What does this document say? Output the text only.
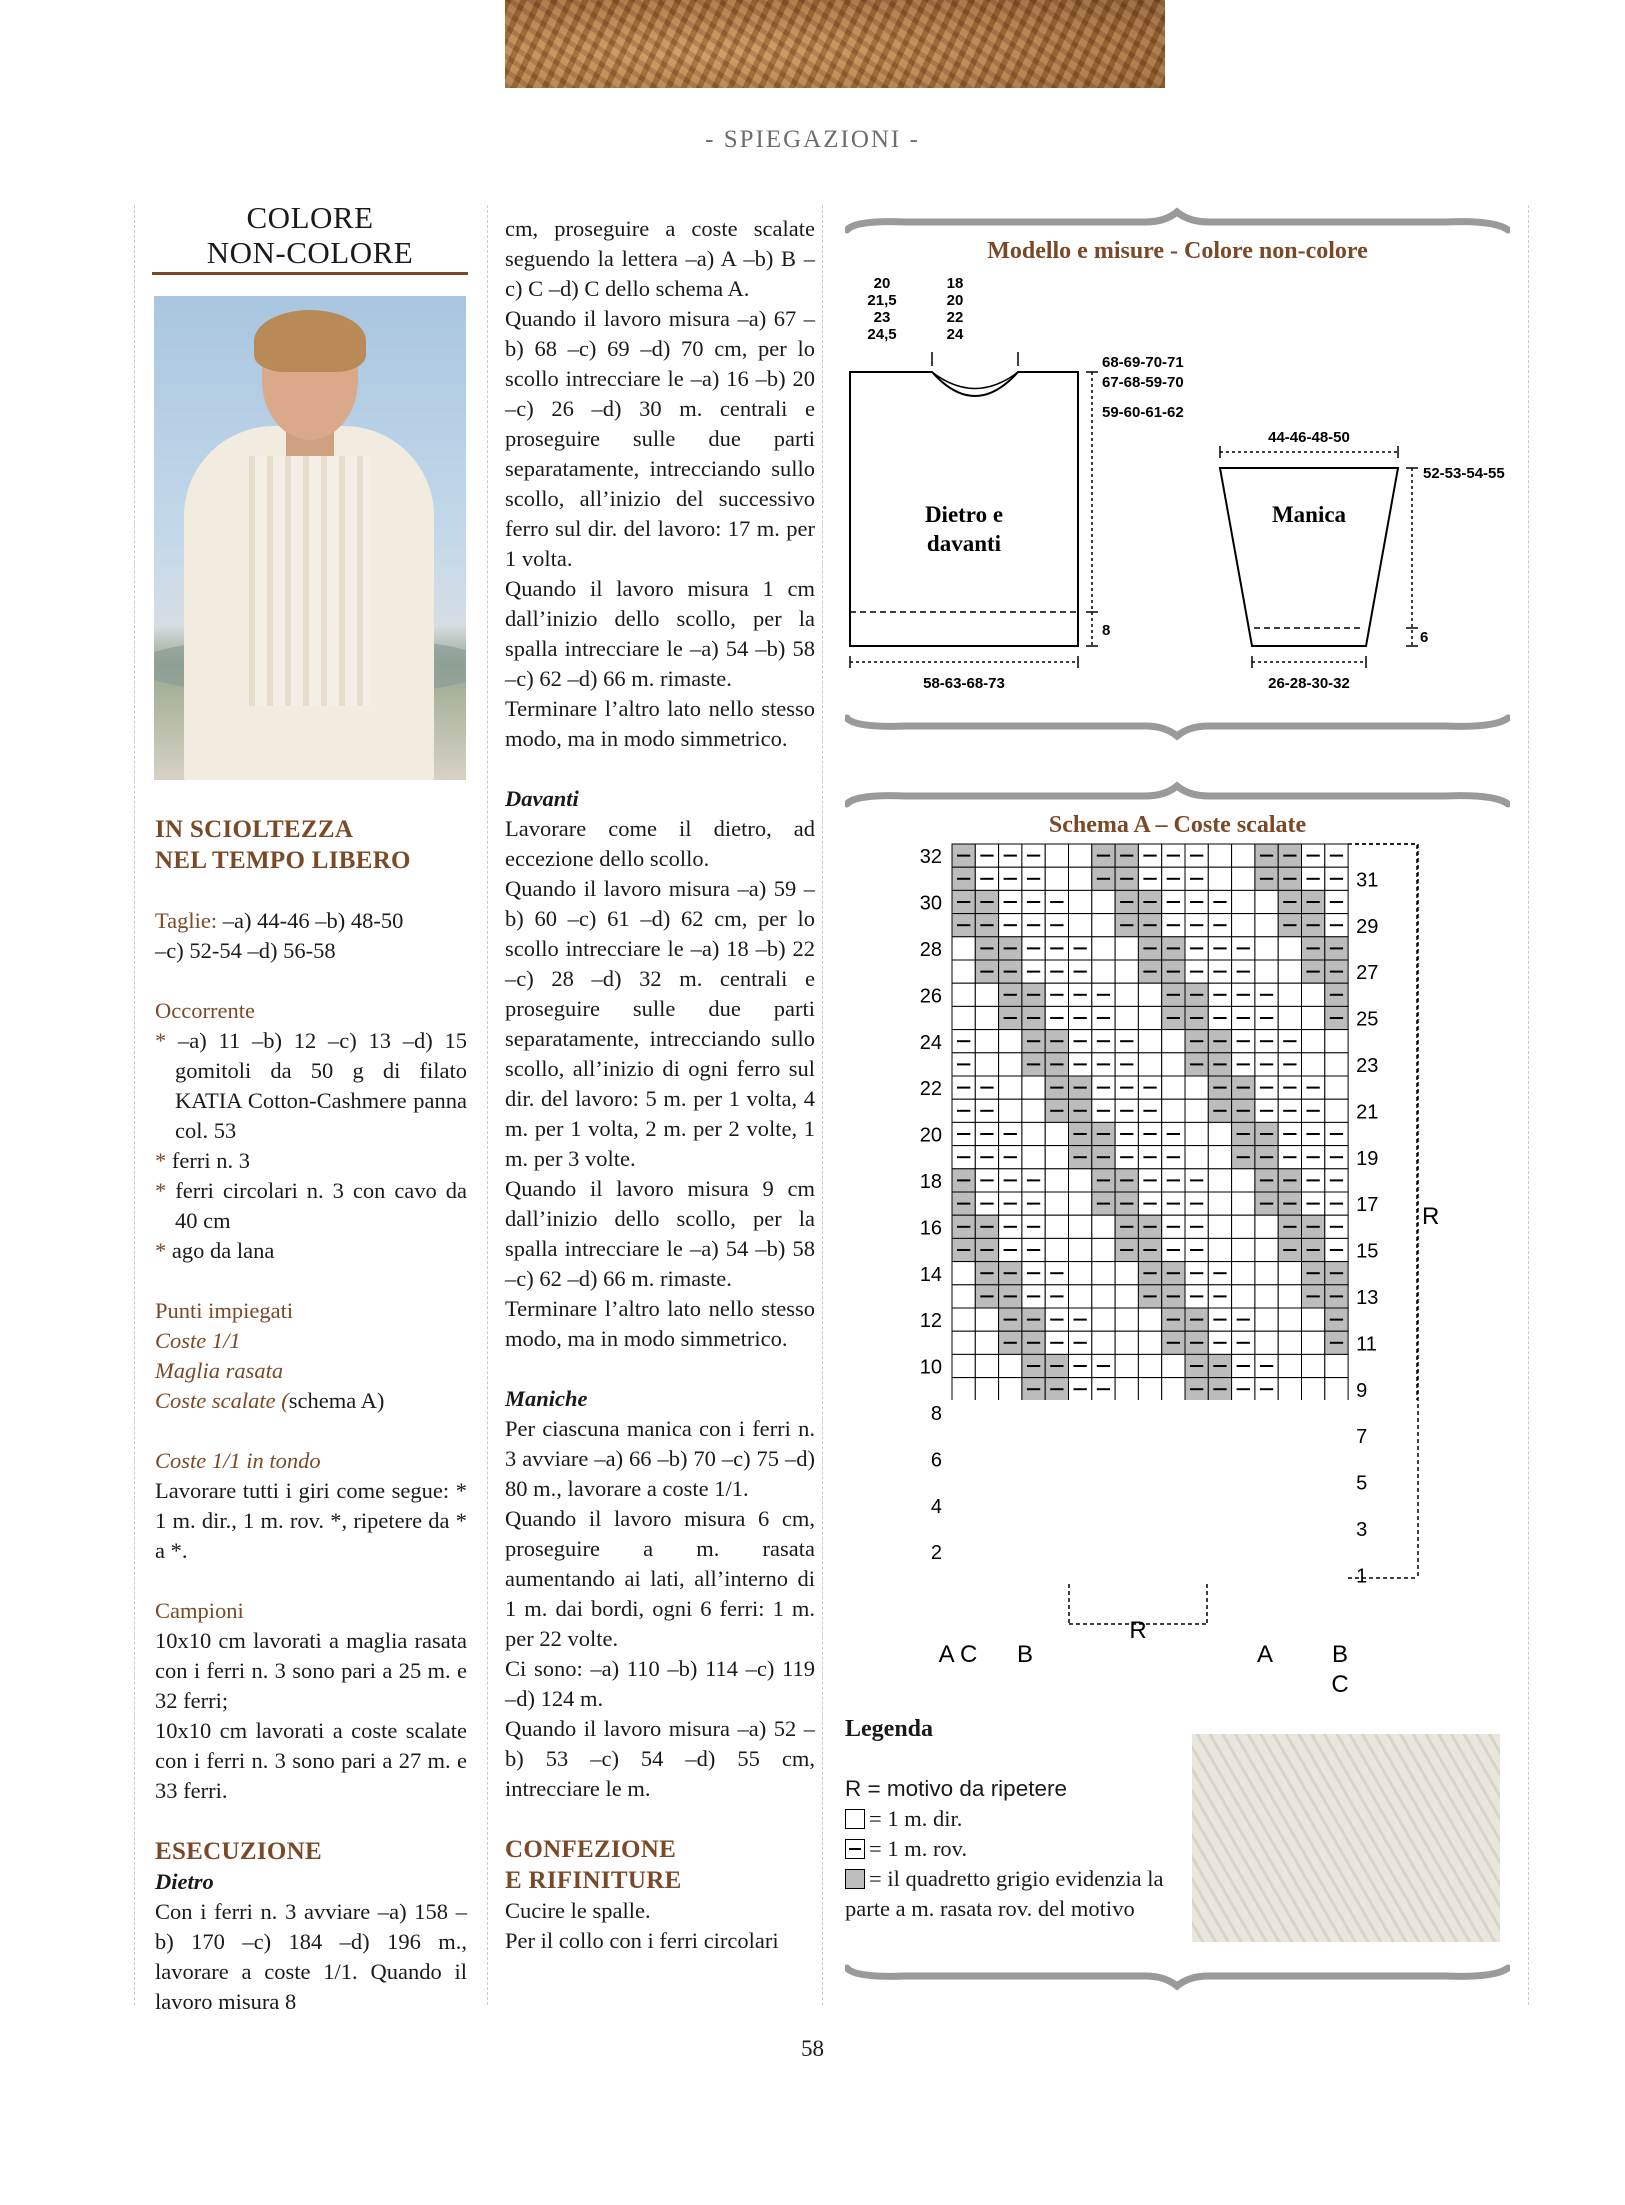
- SPIEGAZIONI -
COLORE
NON-COLORE

IN SCIOLTEZZA

NEL TEMPO LIBERO

Taglie: –a) 44-46 –b) 48-50

–c) 52-54 –d) 56-58

Occorrente

* –a) 11 –b) 12 –c) 13 –d) 15 gomitoli da 50 g di filato KATIA Cotton-Cashmere panna col. 53

* ferri n. 3

* ferri circolari n. 3 con cavo da 40 cm

* ago da lana

Punti impiegati

Coste 1/1

Maglia rasata

Coste scalate (schema A)

Coste 1/1 in tondo

Lavorare tutti i giri come segue: * 1 m. dir., 1 m. rov. *, ripetere da * a *.

Campioni

10x10 cm lavorati a maglia rasata con i ferri n. 3 sono pari a 25 m. e 32 ferri;

10x10 cm lavorati a coste scalate con i ferri n. 3 sono pari a 27 m. e 33 ferri.

ESECUZIONE

Dietro

Con i ferri n. 3 avviare –a) 158 –b) 170 –c) 184 –d) 196 m., lavorare a coste 1/1. Quando il lavoro misura 8

cm, proseguire a coste scalate seguendo la lettera –a) A –b) B –c) C –d) C dello schema A.

Quando il lavoro misura –a) 67 –b) 68 –c) 69 –d) 70 cm, per lo scollo intrecciare le –a) 16 –b) 20 –c) 26 –d) 30 m. centrali e proseguire sulle due parti separatamente, intrecciando sullo scollo, all’inizio del successivo ferro sul dir. del lavoro: 17 m. per 1 volta.

Quando il lavoro misura 1 cm dall’inizio dello scollo, per la spalla intrecciare le –a) 54 –b) 58 –c) 62 –d) 66 m. rimaste.

Terminare l’altro lato nello stesso modo, ma in modo simmetrico.

Davanti

Lavorare come il dietro, ad eccezione dello scollo.

Quando il lavoro misura –a) 59 –b) 60 –c) 61 –d) 62 cm, per lo scollo intrecciare le –a) 18 –b) 22 –c) 28 –d) 32 m. centrali e proseguire sulle due parti separatamente, intrecciando sullo scollo, all’inizio di ogni ferro sul dir. del lavoro: 5 m. per 1 volta, 4 m. per 1 volta, 2 m. per 2 volte, 1 m. per 3 volte.

Quando il lavoro misura 9 cm dall’inizio dello scollo, per la spalla intrecciare le –a) 54 –b) 58 –c) 62 –d) 66 m. rimaste.

Terminare l’altro lato nello stesso modo, ma in modo simmetrico.

Maniche

Per ciascuna manica con i ferri n. 3 avviare –a) 66 –b) 70 –c) 75 –d) 80 m., lavorare a coste 1/1.

Quando il lavoro misura 6 cm, proseguire a m. rasata aumentando ai lati, all’interno di 1 m. dai bordi, ogni 6 ferri: 1 m. per 22 volte.

Ci sono: –a) 110 –b) 114 –c) 119 –d) 124 m.

Quando il lavoro misura –a) 52 –b) 53 –c) 54 –d) 55 cm, intrecciare le m.

CONFEZIONE

E RIFINITURE

Cucire le spalle.

Per il collo con i ferri circolari

Modello e misure - Colore non-colore
20
21,5
23
24,5
18
20
22
24
68-69-70-71
67-68-59-70
59-60-61-62
8
Dietro e
davanti
58-63-68-73
44-46-48-50
Manica
52-53-54-55
6
26-28-30-32
Schema A – Coste scalate
32
30
28
26
24
22
20
18
16
14
12
10
8
6
4
2
31
29
27
25
23
21
19
17
15
13
11
9
7
5
3
1
R
A C B
R
A B
C
Legenda
R = motivo da ripetere
= 1 m. dir.
= 1 m. rov.
= il quadretto grigio evidenzia la parte a m. rasata rov. del motivo
58
